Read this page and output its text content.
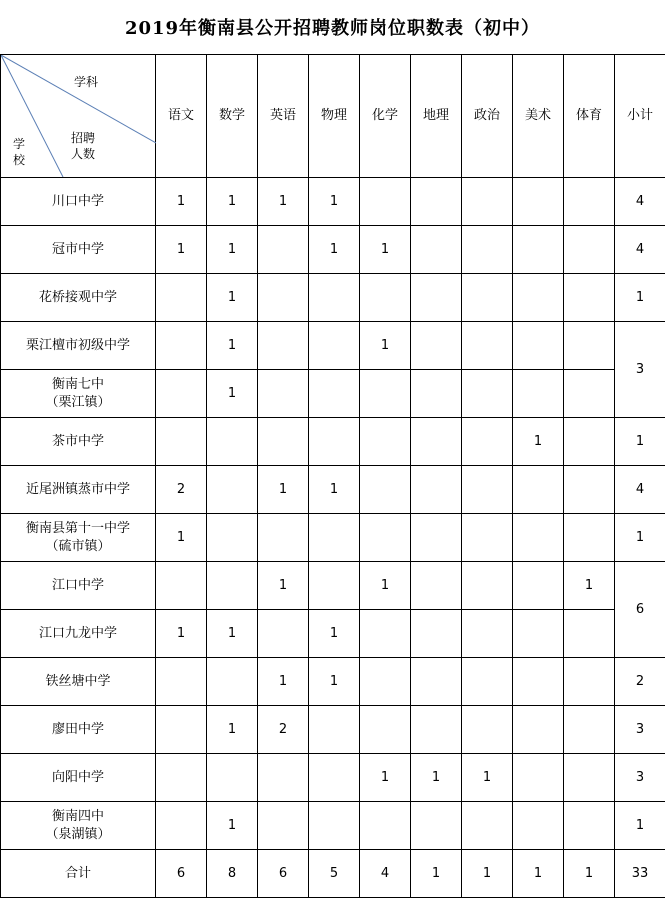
2019年衡南县公开招聘教师岗位职数表（初中）
学科
招聘
人数
学
校	语文	数学	英语	物理	化学	地理	政治	美术	体育	小计
川口中学	1	1	1	1						4
冠市中学	1	1		1	1					4
花桥接观中学		1								1
栗江檀市初级中学		1			1					3
衡南七中
（栗江镇）		1								
茶市中学								1		1
近尾洲镇蒸市中学	2		1	1						4
衡南县第十一中学
（硫市镇）	1									1
江口中学			1		1				1	6
江口九龙中学	1	1		1						
铁丝塘中学			1	1						2
廖田中学		1	2							3
向阳中学					1	1	1			3
衡南四中
（泉湖镇）		1								1
合计	6	8	6	5	4	1	1	1	1	33
